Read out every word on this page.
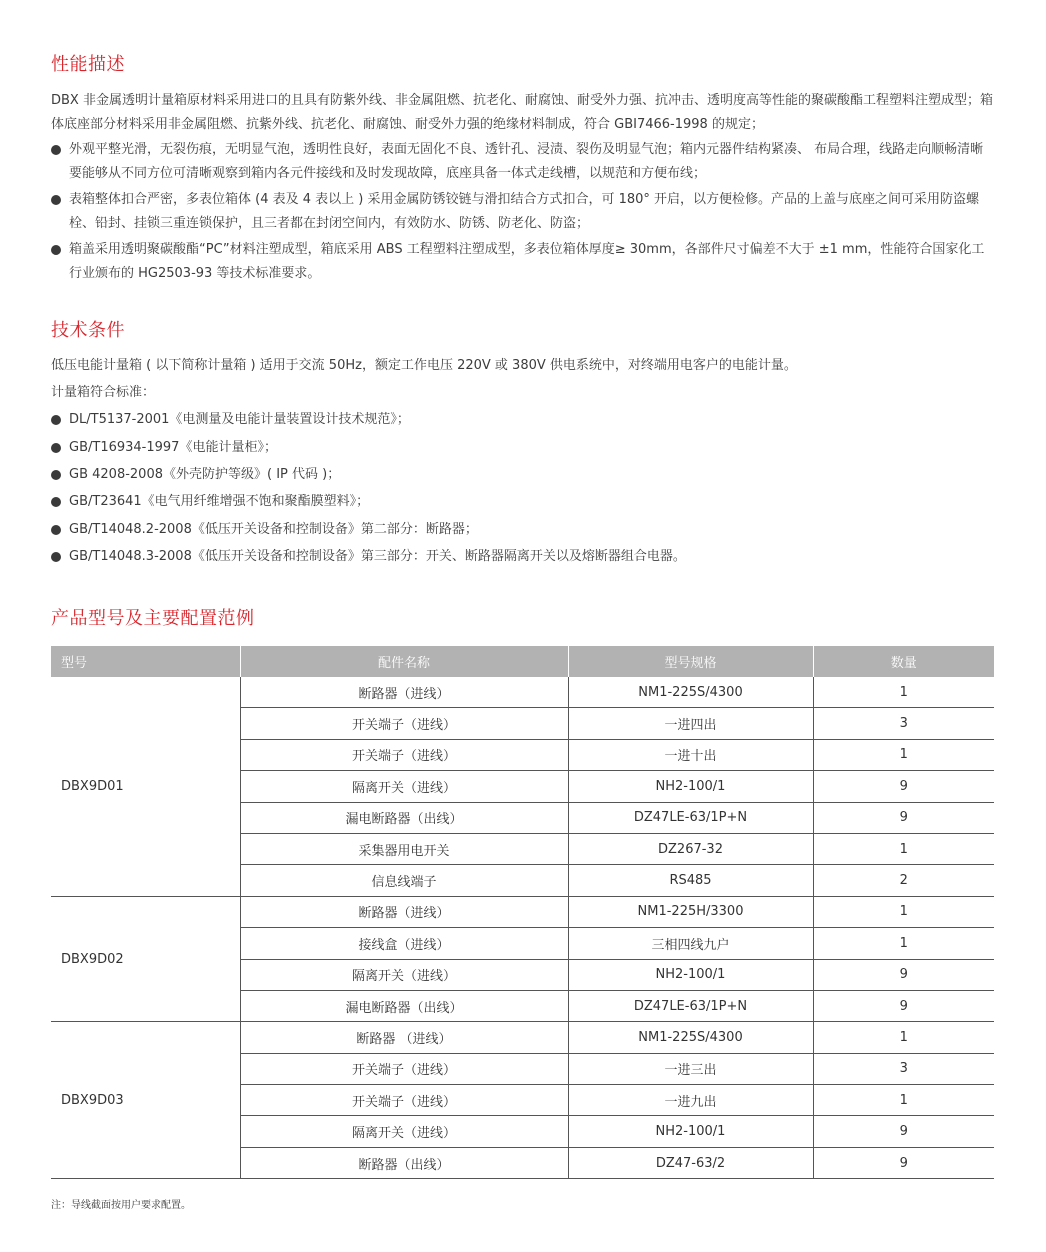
性能描述

DBX 非金属透明计量箱原材料采用进口的且具有防紫外线、非金属阻燃、抗老化、耐腐蚀、耐受外力强、抗冲击、透明度高等性能的聚碳酸酯工程塑料注塑成型；箱体底座部分材料采用非金属阻燃、抗紫外线、抗老化、耐腐蚀、耐受外力强的绝缘材料制成，符合 GBI7466-1998 的规定；

外观平整光滑，无裂伤痕，无明显气泡，透明性良好，表面无固化不良、透针孔、浸渍、裂伤及明显气泡；箱内元器件结构紧凑、 布局合理，线路走向顺畅清晰要能够从不同方位可清晰观察到箱内各元件接线和及时发现故障，底座具备一体式走线槽，以规范和方便布线；
表箱整体扣合严密，多表位箱体 (4 表及 4 表以上 ) 采用金属防锈铰链与滑扣结合方式扣合，可 180° 开启，以方便检修。产品的上盖与底座之间可采用防盗螺栓、铅封、挂锁三重连锁保护，且三者都在封闭空间内，有效防水、防锈、防老化、防盗；
箱盖采用透明聚碳酸酯“PC”材料注塑成型，箱底采用 ABS 工程塑料注塑成型，多表位箱体厚度≥ 30mm，各部件尺寸偏差不大于 ±1 mm，性能符合国家化工行业颁布的 HG2503-93 等技术标准要求。
技术条件

低压电能计量箱 ( 以下简称计量箱 ) 适用于交流 50Hz，额定工作电压 220V 或 380V 供电系统中，对终端用电客户的电能计量。

计量箱符合标准：

DL/T5137-2001《电测量及电能计量装置设计技术规范》；
GB/T16934-1997《电能计量柜》；
GB 4208-2008《外壳防护等级》( IP 代码 )；
GB/T23641《电气用纤维增强不饱和聚酯膜塑料》；
GB/T14048.2-2008《低压开关设备和控制设备》第二部分：断路器；
GB/T14048.3-2008《低压开关设备和控制设备》第三部分：开关、断路器隔离开关以及熔断器组合电器。
产品型号及主要配置范例
型号	配件名称	型号规格	数量
DBX9D01	断路器（进线）	NM1-225S/4300	1
	开关端子（进线）	一进四出	3
	开关端子（进线）	一进十出	1
	隔离开关（进线）	NH2-100/1	9
	漏电断路器（出线）	DZ47LE-63/1P+N	9
	采集器用电开关	DZ267-32	1
	信息线端子	RS485	2
DBX9D02	断路器（进线）	NM1-225H/3300	1
	接线盒（进线）	三相四线九户	1
	隔离开关（进线）	NH2-100/1	9
	漏电断路器（出线）	DZ47LE-63/1P+N	9
DBX9D03	断路器 （进线）	NM1-225S/4300	1
	开关端子（进线）	一进三出	3
	开关端子（进线）	一进九出	1
	隔离开关（进线）	NH2-100/1	9
	断路器（出线）	DZ47-63/2	9
注：导线截面按用户要求配置。
